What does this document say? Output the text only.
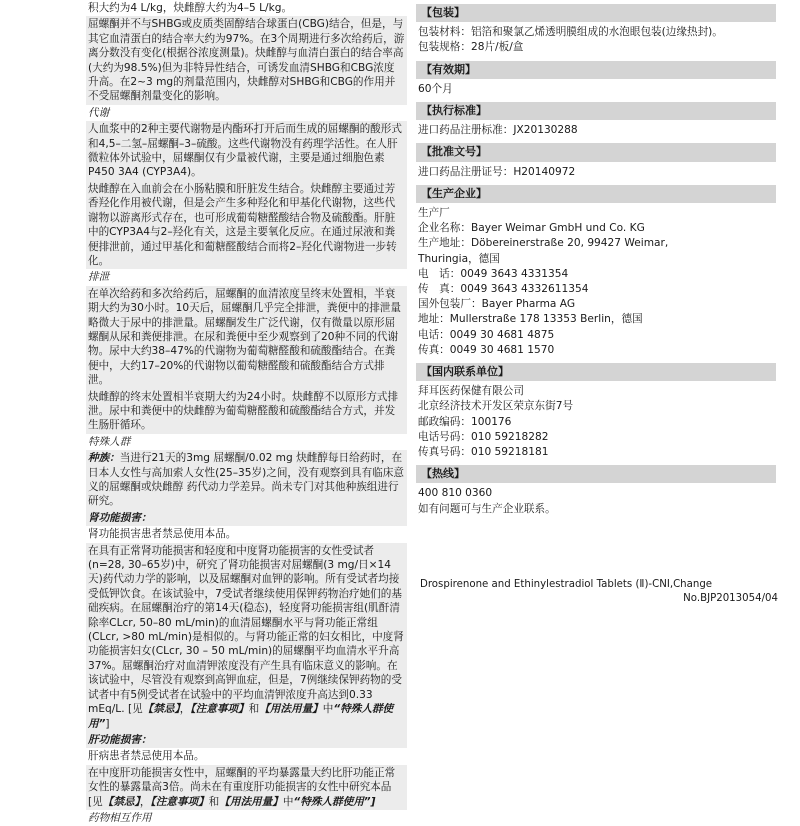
积大约为4 L/kg，炔雌醇大约为4–5 L/kg。

屈螺酮并不与SHBG或皮质类固醇结合球蛋白(CBG)结合，但是，与其它血清蛋白的结合率大约为97%。在3个周期进行多次给药后，游离分数没有变化(根据谷浓度测量)。炔雌醇与血清白蛋白的结合率高(大约为98.5%)但为非特异性结合，可诱发血清SHBG和CBG浓度升高。在2~3 mg的剂量范围内，炔雌醇对SHBG和CBG的作用并不受屈螺酮剂量变化的影响。

代谢

人血浆中的2种主要代谢物是内酯环打开后而生成的屈螺酮的酸形式和4,5–二氢–屈螺酮–3–硫酸。这些代谢物没有药理学活性。在人肝微粒体外试验中，屈螺酮仅有少量被代谢，主要是通过细胞色素P450 3A4 (CYP3A4)。

炔雌醇在入血前会在小肠粘膜和肝脏发生结合。炔雌醇主要通过芳香羟化作用被代谢，但是会产生多种羟化和甲基化代谢物，这些代谢物以游离形式存在，也可形成葡萄糖醛酸结合物及硫酸酯。肝脏中的CYP3A4与2–羟化有关，这是主要氧化反应。在通过尿液和粪便排泄前，通过甲基化和葡糖醛酸结合而将2–羟化代谢物进一步转化。

排泄

在单次给药和多次给药后，屈螺酮的血清浓度呈终末处置相，半衰期大约为30小时。10天后，屈螺酮几乎完全排泄，粪便中的排泄量略微大于尿中的排泄量。屈螺酮发生广泛代谢，仅有微量以原形屈螺酮从尿和粪便排泄。在尿和粪便中至少观察到了20种不同的代谢物。尿中大约38–47%的代谢物为葡萄糖醛酸和硫酸酯结合。在粪便中，大约17–20%的代谢物以葡萄糖醛酸和硫酸酯结合方式排泄。

炔雌醇的终末处置相半衰期大约为24小时。炔雌醇不以原形方式排泄。尿中和粪便中的炔雌醇为葡萄糖醛酸和硫酸酯结合方式，并发生肠肝循环。

特殊人群

种族：当进行21天的3mg 屈螺酮/0.02 mg 炔雌醇每日给药时，在日本人女性与高加索人女性(25–35岁)之间，没有观察到具有临床意义的屈螺酮或炔雌醇 药代动力学差异。尚未专门对其他种族组进行研究。

肾功能损害：

肾功能损害患者禁忌使用本品。

在具有正常肾功能损害和轻度和中度肾功能损害的女性受试者(n=28, 30–65岁)中，研究了肾功能损害对屈螺酮(3 mg/日×14天)药代动力学的影响，以及屈螺酮对血钾的影响。所有受试者均接受低钾饮食。在该试验中，7受试者继续使用保钾药物治疗她们的基础疾病。在屈螺酮治疗的第14天(稳态)，轻度肾功能损害组(肌酐清除率CLcr, 50–80 mL/min)的血清屈螺酮水平与肾功能正常组(CLcr, >80 mL/min)是相似的。与肾功能正常的妇女相比，中度肾功能损害妇女(CLcr, 30 – 50 mL/min)的屈螺酮平均血清水平升高37%。屈螺酮治疗对血清钾浓度没有产生具有临床意义的影响。在该试验中，尽管没有观察到高钾血症，但是，7例继续保钾药物的受试者中有5例受试者在试验中的平均血清钾浓度升高达到0.33 mEq/L. [见【禁忌】，【注意事项】和【用法用量】中“特殊人群使用”]

肝功能损害：

肝病患者禁忌使用本品。

在中度肝功能损害女性中，屈螺酮的平均暴露量大约比肝功能正常女性的暴露量高3倍。尚未在有重度肝功能损害的女性中研究本品 [见【禁忌】，【注意事项】和【用法用量】中“特殊人群使用”]

药物相互作用

【包装】
包装材料：铝箔和聚氯乙烯透明膜组成的水泡眼包装(边缘热封)。
包装规格：28片/板/盒
【有效期】
60个月
【执行标准】
进口药品注册标准：JX20130288
【批准文号】
进口药品注册证号：H20140972
【生产企业】
生产厂
企业名称：Bayer Weimar GmbH und Co. KG
生产地址：Döbereinerstraße 20, 99427 Weimar,
Thuringia，德国
电　话：0049 3643 4331354
传　真：0049 3643 4332611354
国外包装厂：Bayer Pharma AG
地址：Mullerstraße 178 13353 Berlin，德国
电话：0049 30 4681 4875
传真：0049 30 4681 1570
【国内联系单位】
拜耳医药保健有限公司
北京经济技术开发区荣京东街7号
邮政编码：100176
电话号码：010 59218282
传真号码：010 59218181
【热线】
400 810 0360
如有问题可与生产企业联系。
Drospirenone and Ethinylestradiol Tablets (Ⅱ)-CNI,Change
No.BJP2013054/04
